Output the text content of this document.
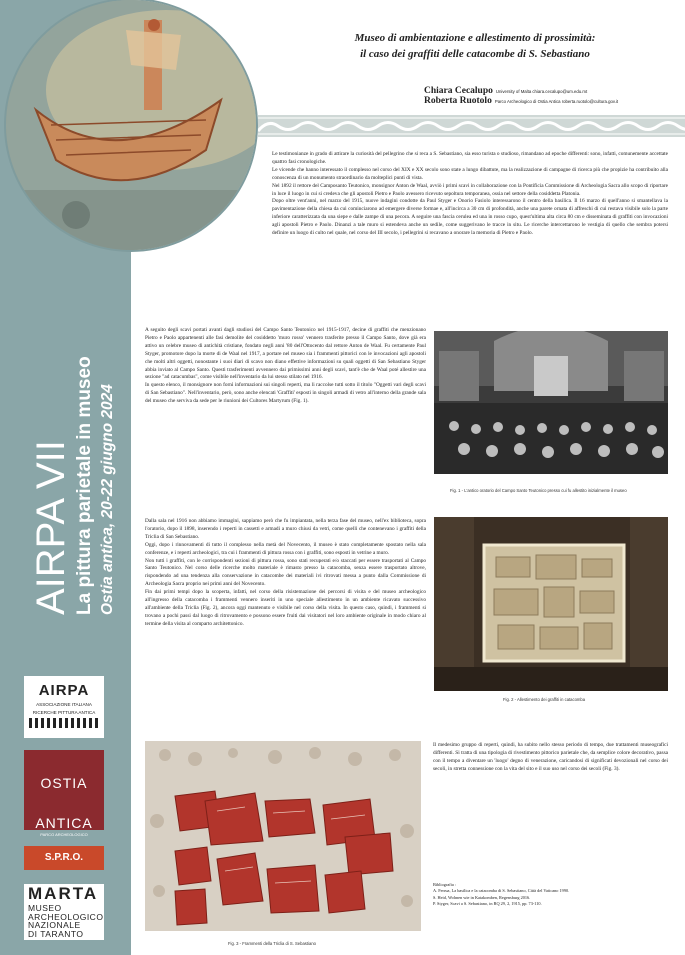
AIRPA VII La pittura parietale in museo Ostia antica, 20-22 giugno 2024
AIRPA
ASSOCIAZIONE ITALIANA
RICERCHE PITTURA ANTICA
OSTIA
ANTICA
PARCO ARCHEOLOGICO
S.P.R.O.
MARTA
MUSEO
ARCHEOLOGICO
NAZIONALE
DI TARANTO
Museo di ambientazione e allestimento di prossimità:
il caso dei graffiti delle catacombe di S. Sebastiano
Chiara Cecalupo University of Malta chiara.cecalupo@um.edu.mt
Roberta Ruotolo Parco Archeologico di Ostia Antica roberta.ruotolo@cultura.gov.it

Le testimonianze in grado di attirare la curiosità del pellegrino che si reca a S. Sebastiano, sia esso turista o studioso, rimandano ad epoche differenti: sono, infatti, comunemente accettate quattro fasi cronologiche.

Le vicende che hanno interessato il complesso nel corso del XIX e XX secolo sono state a lungo dibattute, ma la realizzazione di campagne di ricerca più che propizie ha contribuito alla conoscenza di un monumento straordinario da molteplici punti di vista.

Nel 1892 il rettore del Camposanto Teutonico, monsignor Anton de Waal, avviò i primi scavi in collaborazione con la Pontificia Commissione di Archeologia Sacra allo scopo di riportare in luce il luogo in cui si credeva che gli apostoli Pietro e Paolo avessero ricevuto sepoltura temporanea, ossia nel settore della cosiddetta Platonia.

Dopo oltre vent'anni, nel marzo del 1915, nuove indagini condotte da Paul Styger e Onorio Fasiolo interessarono il centro della basilica. Il 16 marzo di quell'anno si smantellava la pavimentazione della chiesa da cui cominciarono ad emergere diverse formae e, all'incirca a 30 cm di profondità, anche una parete ornata di affreschi di cui restava visibile solo la parte inferiore caratterizzata da una siepe e dalle zampe di una pecora. A seguire una fascia cerulea ed una in rosso cupo, quest'ultima alta circa 80 cm e disseminata di graffiti con invocazioni agli apostoli Pietro e Paolo. Dinanzi a tale muro si estendeva anche un sedile, come suggerivano le tracce in situ. Le ricerche intercettarono le vestigia di quello che sembra potersi definire un luogo di culto nel quale, nel corso del III secolo, i pellegrini si recavano a onorare la memoria di Pietro e Paolo.

A seguito degli scavi portati avanti dagli studiosi del Campo Santo Teutonico nel 1915-1917, decine di graffiti che menzionano Pietro e Paolo appartenenti alle fasi demolite del cosiddetto 'muro rosso' vennero trasferite presso il Campo Santo, dove già era attivo un celebre museo di antichità cristiane, fondato negli anni '80 dell'Ottocento dal rettore Anton de Waal. Fu certamente Paul Styger, promotore dopo la morte di de Waal nel 1917, a portare nel museo sia i frammenti pittorici con le invocazioni agli apostoli che molti altri oggetti, nonostante i suoi diari di scavo non diano effettive informazioni su quali oggetti di San Sebastiano Styger abbia inviato al Campo Santo. Questi trasferimenti avvennero dai primissimi anni degli scavi, tant'è che de Waal poté allestire una sezione "ad catacumbas", come visibile nell'inventario da lui stesso stilato nel 1916.

In questo elenco, il monsignore non fornì informazioni sui singoli reperti, ma li raccolse tutti sotto il titolo "Oggetti vari degli scavi di San Sebastiano". Nell'inventario, però, sono anche elencati 'Graffiti' esposti in singoli armadi di vetro all'interno della grande sala del museo che serviva da sede per le riunioni dei Cultores Martyrum (Fig. 1).

Fig. 1 - L'antico oratorio del Campo Santo Teutonico presso cui fu allestito inizialmente il museo

Dalla sala nel 1916 non abbiamo immagini, sappiamo però che fu impiantata, nella terza fase del museo, nell'ex biblioteca, sopra l'oratorio, dopo il 1898, inserendo i reperti in cassetti e armadi a muro chiusi da vetri, come quelli che contenevano i graffiti della Triclia di San Sebastiano.

Oggi, dopo i rinnovamenti di tutto il complesso nella metà del Novecento, il museo è stato completamente spostato nella sala conferenze, e i reperti archeologici, tra cui i frammenti di pittura rossa con i graffiti, sono esposti in vetrine a muro.

Non tutti i graffiti, con le corrispondenti sezioni di pittura rossa, sono stati recuperati e/o staccati per essere trasportati al Campo Santo Teutonico. Nel corso delle ricerche molto materiale è rimasto presso la catacomba, senza essere trasportato altrove, rispondendo ad una tendenza alla conservazione in catacombe dei materiali ivi ritrovati messa a punto dalla Commissione di Archeologia Sacra proprio nei primi anni del Novecento.

Fin dai primi tempi dopo la scoperta, infatti, nel corso della risistemazione dei percorsi di visita e del museo archeologico all'ingresso della catacomba i frammenti vennero inseriti in uno speciale allestimento in un ambiente ricavato successivo all'ambiente della Triclia (Fig. 2), ancora oggi mantenuto e visibile nel corso della visita. In questo caso, quindi, i frammenti si trovano a pochi passi dal luogo di ritrovamento e possono essere fruiti dai visitatori nel loro ambiente originale in modo chiaro al termine della visita al comparto architettonico.

Fig. 2 - Allestimento dei graffiti in catacomba
Fig. 3 - Frammenti della Triclia di S. Sebastiano

Il medesimo gruppo di reperti, quindi, ha subito nello stesso periodo di tempo, due trattamenti museografici differenti. Si tratta di una tipologia di rivestimento pittorico parietale che, da semplice colore decorativo, passa con il tempo a diventare un 'luogo' degno di venerazione, caricandosi di significati devozionali nel corso dei secoli, in stretta connessione con la vita del sito e il suo uso nel corso dei secoli (Fig. 3).

Bibliografia :

A. Ferrua, La basilica e la catacomba di S. Sebastiano, Città del Vaticano 1990.

S. Heid, Wohnen wie in Katakomben, Regensburg 2016.

P. Styger, Scavi a S. Sebastiano, in RQ 29, 2, 1915, pp. 73-110.
